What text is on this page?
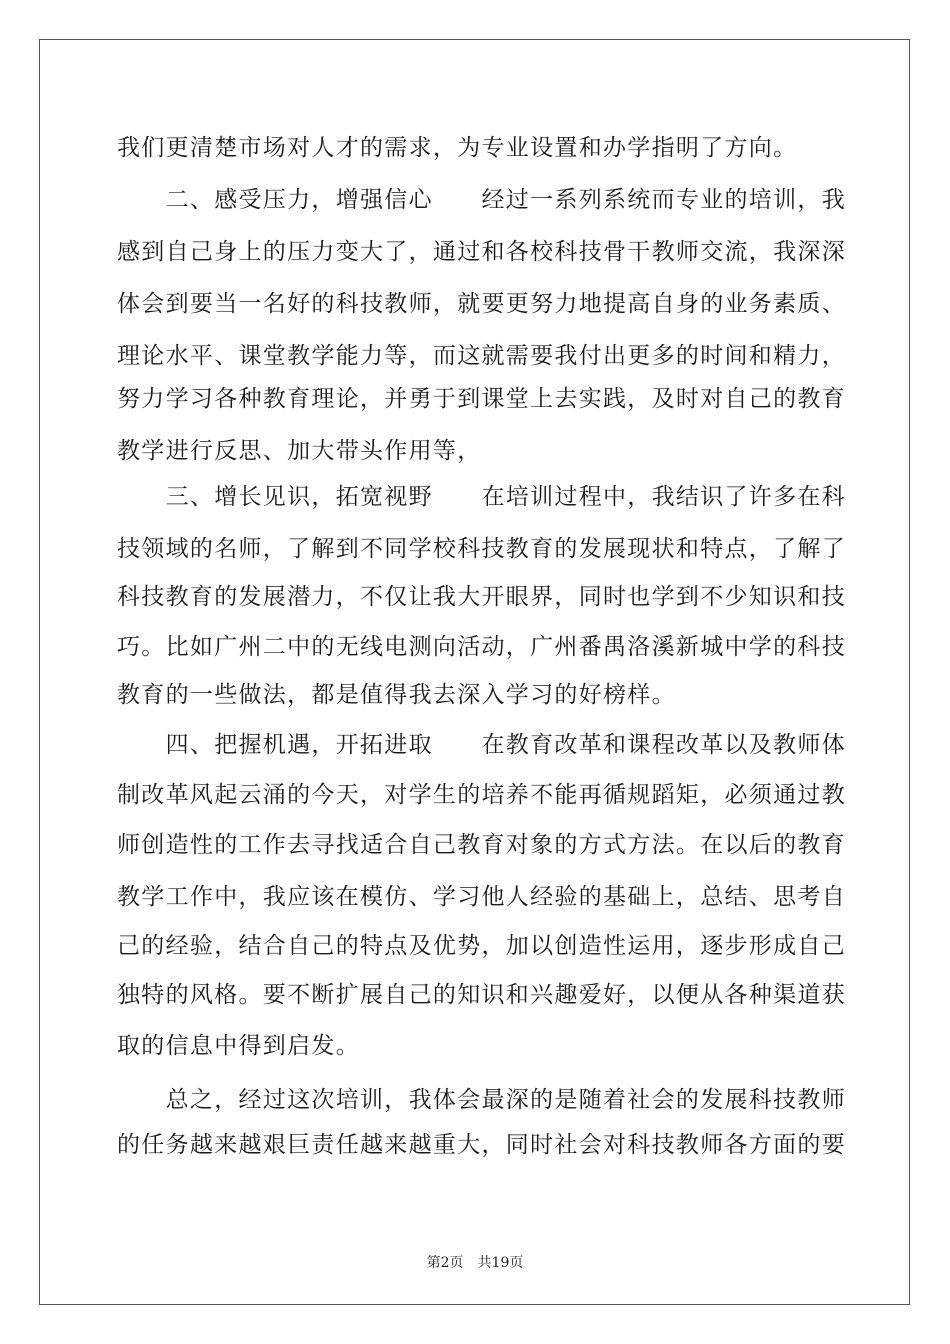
我们更清楚市场对人才的需求，为专业设置和办学指明了方向。
　　二、感受压力，增强信心　　经过一系列系统而专业的培训，我
感到自己身上的压力变大了，通过和各校科技骨干教师交流，我深深
体会到要当一名好的科技教师，就要更努力地提高自身的业务素质、
理论水平、课堂教学能力等，而这就需要我付出更多的时间和精力，
努力学习各种教育理论，并勇于到课堂上去实践，及时对自己的教育
教学进行反思、加大带头作用等，
　　三、增长见识，拓宽视野　　在培训过程中，我结识了许多在科
技领域的名师，了解到不同学校科技教育的发展现状和特点，了解了
科技教育的发展潜力，不仅让我大开眼界，同时也学到不少知识和技
巧。比如广州二中的无线电测向活动，广州番禺洛溪新城中学的科技
教育的一些做法，都是值得我去深入学习的好榜样。
　　四、把握机遇，开拓进取　　在教育改革和课程改革以及教师体
制改革风起云涌的今天，对学生的培养不能再循规蹈矩，必须通过教
师创造性的工作去寻找适合自己教育对象的方式方法。在以后的教育
教学工作中，我应该在模仿、学习他人经验的基础上，总结、思考自
己的经验，结合自己的特点及优势，加以创造性运用，逐步形成自己
独特的风格。要不断扩展自己的知识和兴趣爱好，以便从各种渠道获
取的信息中得到启发。
　　总之，经过这次培训，我体会最深的是随着社会的发展科技教师
的任务越来越艰巨责任越来越重大，同时社会对科技教师各方面的要
第2页 共19页
